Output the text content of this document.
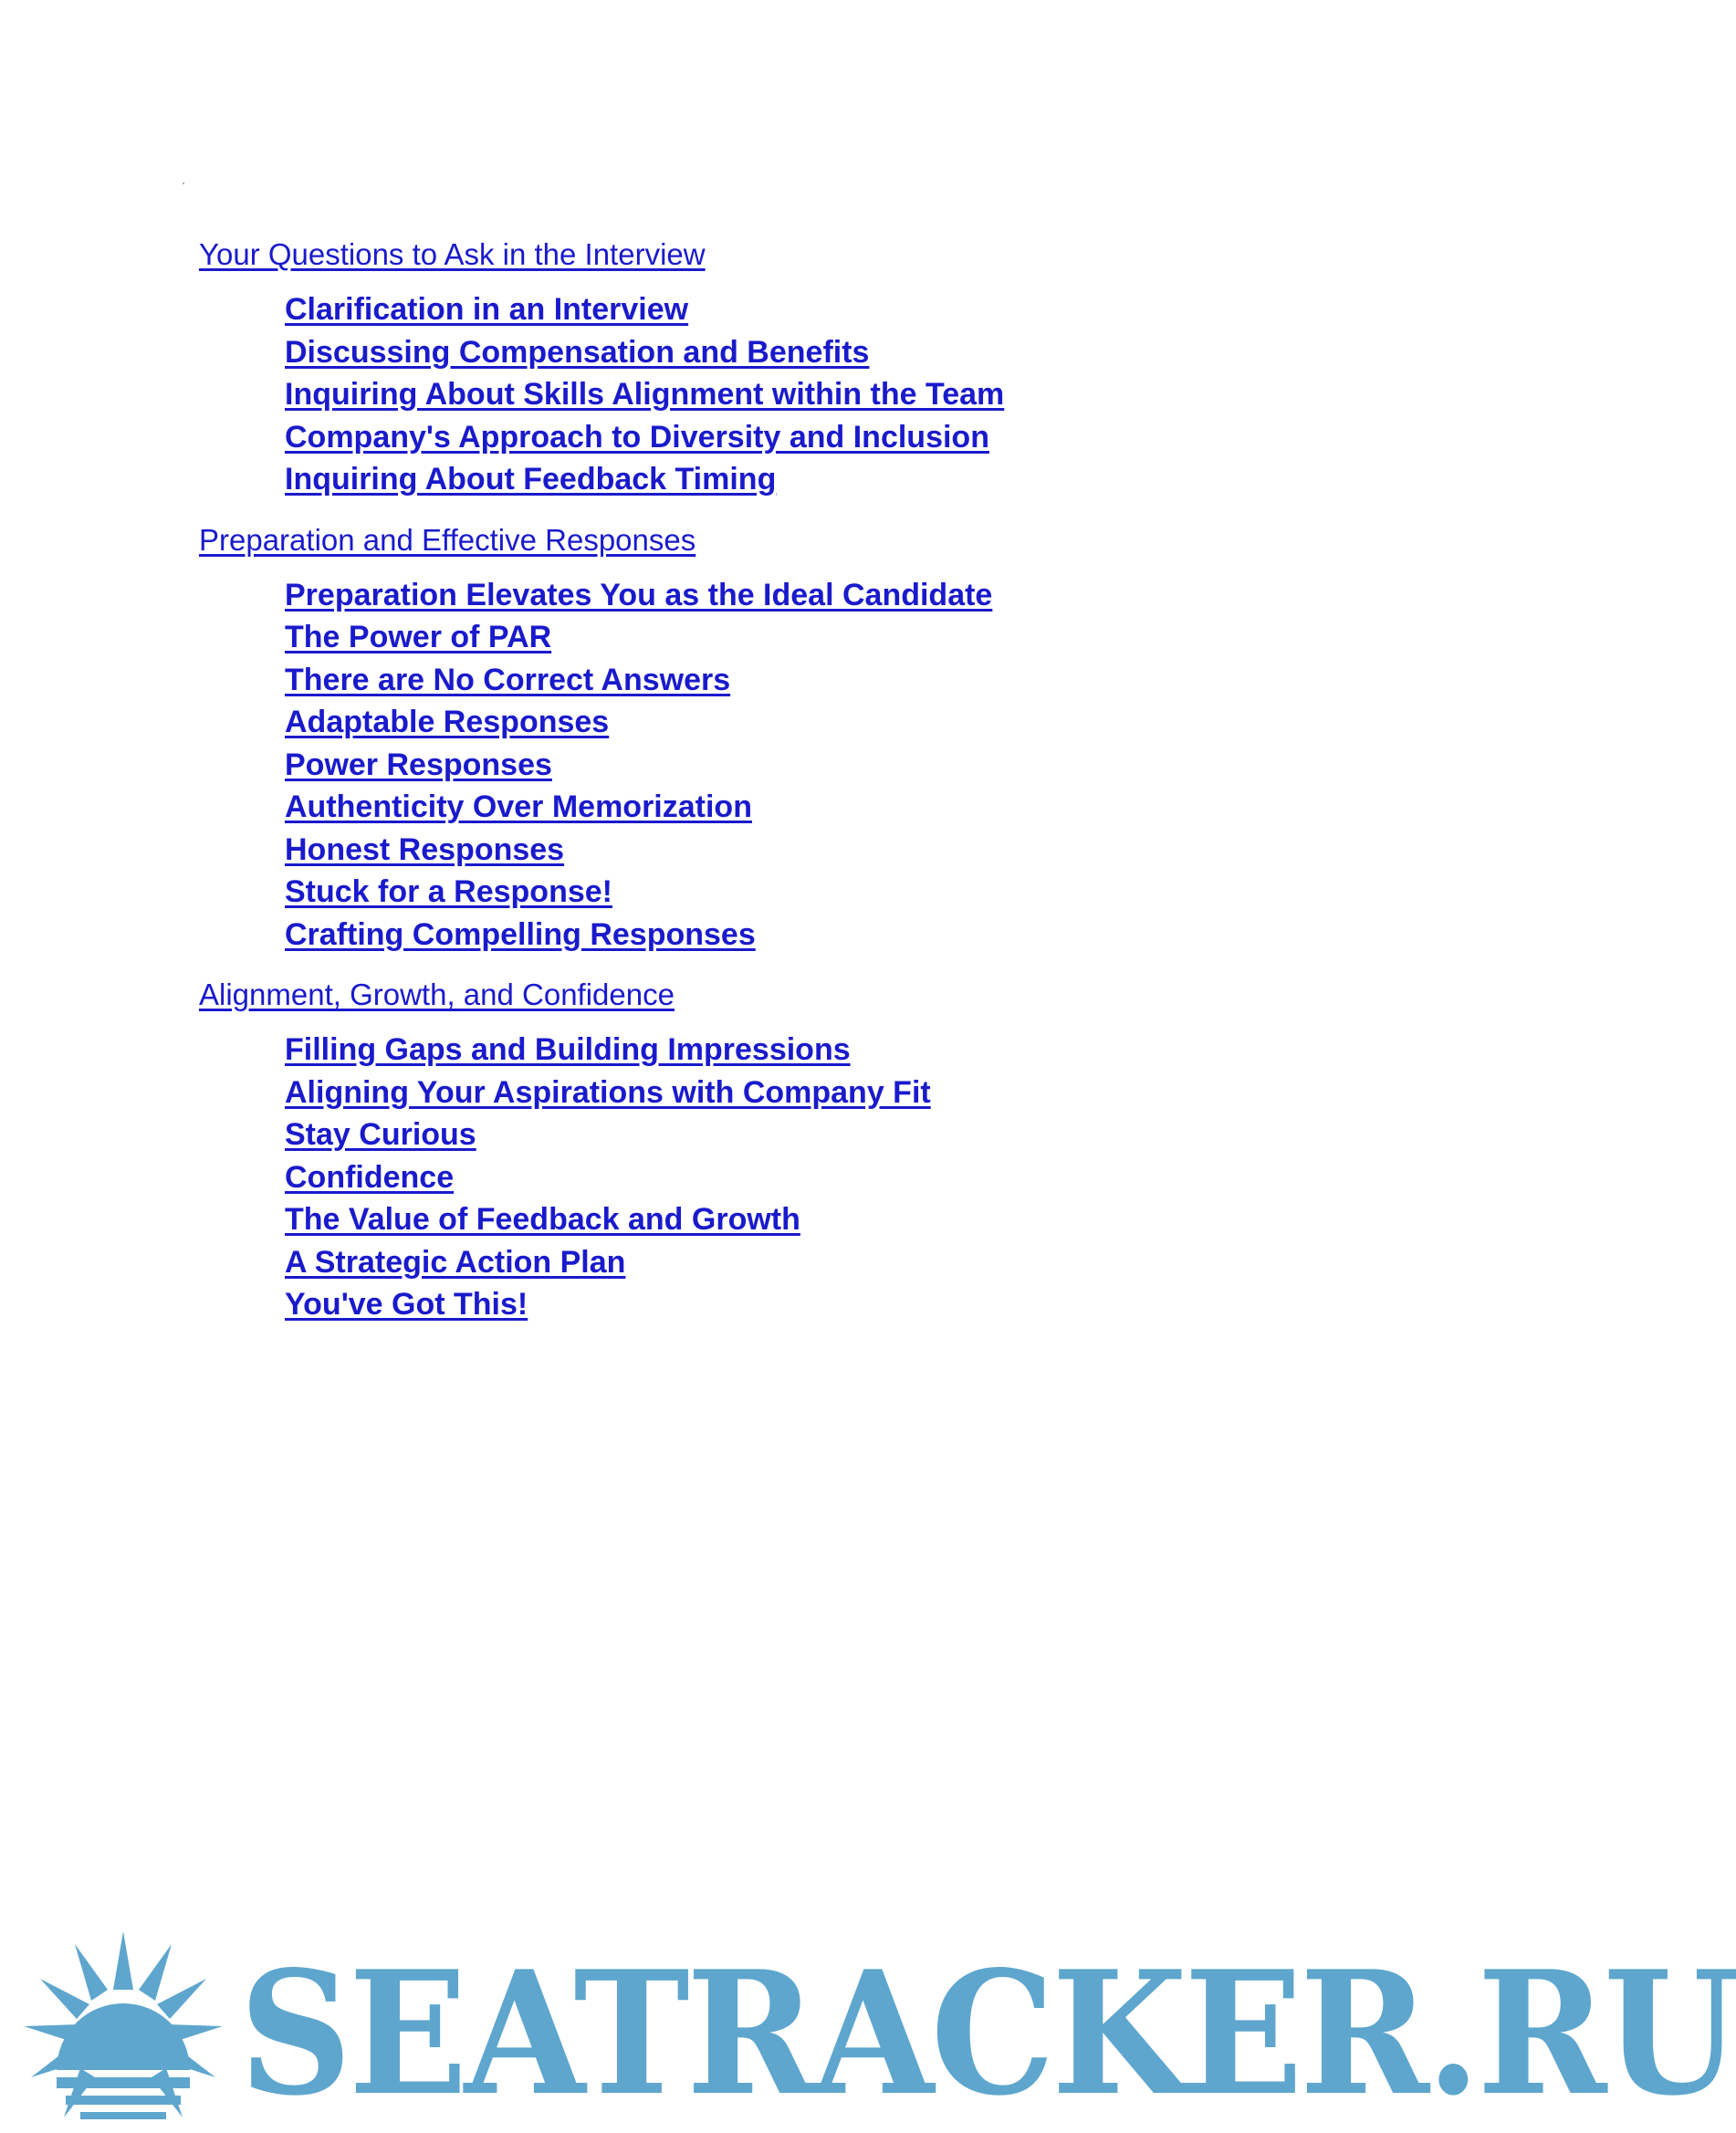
Your Questions to Ask in the Interview
Clarification in an Interview
Discussing Compensation and Benefits
Inquiring About Skills Alignment within the Team
Company's Approach to Diversity and Inclusion
Inquiring About Feedback Timing
Preparation and Effective Responses
Preparation Elevates You as the Ideal Candidate
The Power of PAR
There are No Correct Answers
Adaptable Responses
Power Responses
Authenticity Over Memorization
Honest Responses
Stuck for a Response!
Crafting Compelling Responses
Alignment, Growth, and Confidence
Filling Gaps and Building Impressions
Aligning Your Aspirations with Company Fit
Stay Curious
Confidence
The Value of Feedback and Growth
A Strategic Action Plan
You've Got This!
SEATRACKER.RU
